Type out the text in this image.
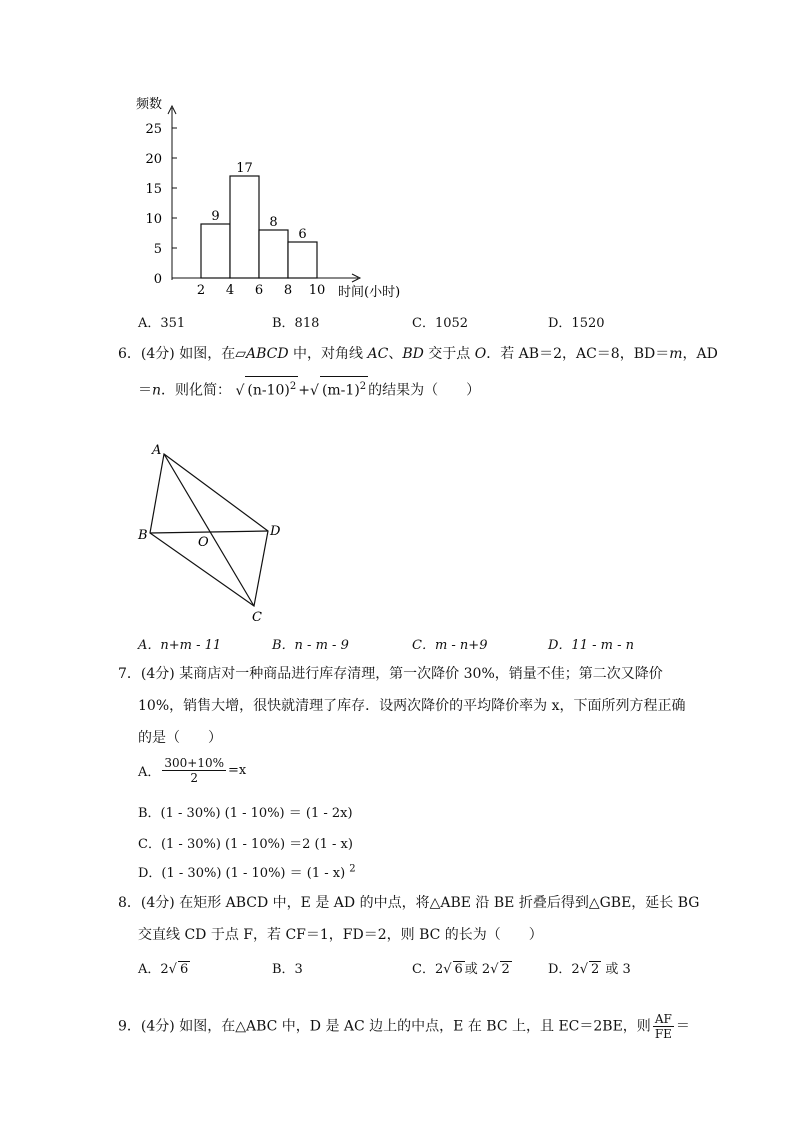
频数
时间(小时)
0
5
10
15
20
25
2 4 6 8 10
9
17
8
6
A．351	B．818	C．1052	D．1520
6．(4分) 如图，在▱ABCD 中，对角线 AC、BD 交于点 O．若 AB＝2，AC＝8，BD＝m，AD
＝n．则化简： √ $(n-10)^2$ +√ $(m-1)^2$ 的结果为（　　）
A
B	D
C
O
A．n+m - 11	B．n - m - 9	C．m - n+9	D．11 - m - n
7．(4分) 某商店对一种商品进行库存清理，第一次降价 30%，销量不佳；第二次又降价
10%，销售大增，很快就清理了库存．设两次降价的平均降价率为 x，下面所列方程正确
的是（　　）
A． $\frac{300+10\%}{2} =x$
B．(1 - 30%) (1 - 10%) ＝ (1 - 2x)
C．(1 - 30%) (1 - 10%) ＝2 (1 - x)
D．(1 - 30%) (1 - 10%) ＝ (1 - x) $^2$
8．(4分) 在矩形 ABCD 中，E 是 AD 的中点，将△ABE 沿 BE 折叠后得到△GBE，延长 BG
交直线 CD 于点 F，若 CF＝1，FD＝2，则 BC 的长为（　　）
A．2√ 6	B．3	C．2√ 6 或 2√ 2	D．2√ 2 或 3
9．(4分) 如图，在△ABC 中，D 是 AC 边上的中点，E 在 BC 上，且 EC＝2BE，则 $\frac{AF}{FE}$ ＝
